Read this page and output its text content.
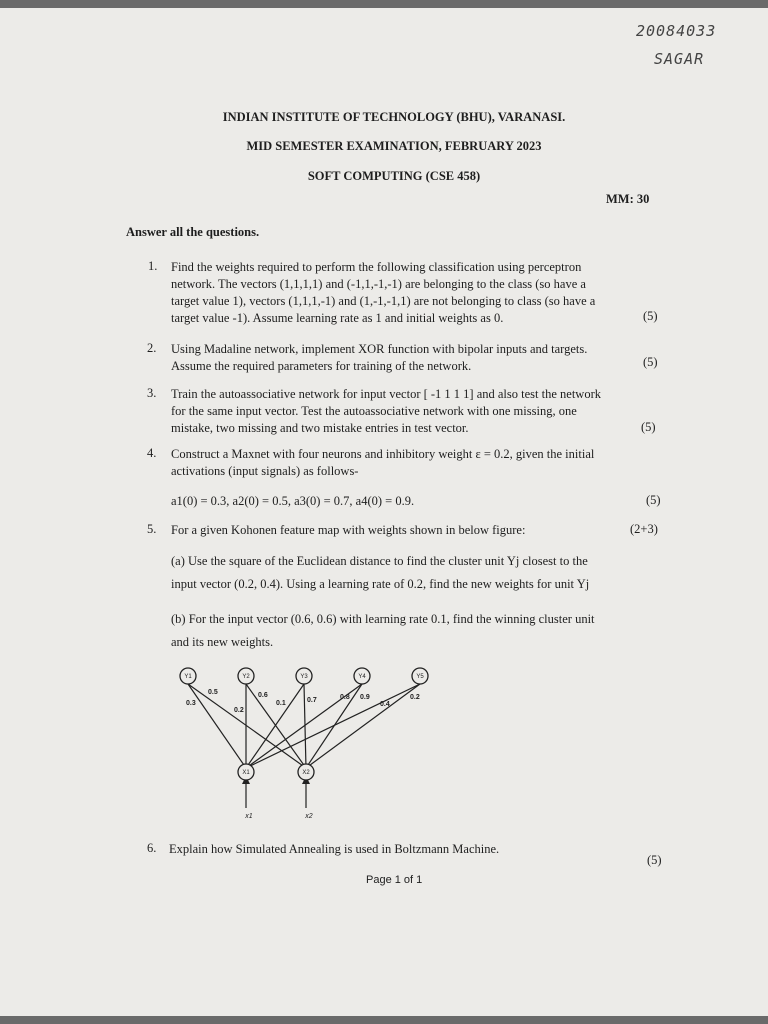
20084033
SAGAR
INDIAN INSTITUTE OF TECHNOLOGY (BHU), VARANASI.
MID SEMESTER EXAMINATION, FEBRUARY 2023
SOFT COMPUTING (CSE 458)
MM: 30
Answer all the questions.
1. Find the weights required to perform the following classification using perceptron
network. The vectors (1,1,1,1) and (-1,1,-1,-1) are belonging to the class (so have a
target value 1), vectors (1,1,1,-1) and (1,-1,-1,1) are not belonging to class (so have a
target value -1). Assume learning rate as 1 and initial weights as 0.	(5)
2. Using Madaline network, implement XOR function with bipolar inputs and targets.
Assume the required parameters for training of the network.	(5)
3. Train the autoassociative network for input vector [ -1 1 1 1] and also test the network
for the same input vector. Test the autoassociative network with one missing, one
mistake, two missing and two mistake entries in test vector.	(5)
4. Construct a Maxnet with four neurons and inhibitory weight ε = 0.2, given the initial
activations (input signals) as follows-
a1(0) = 0.3, a2(0) = 0.5, a3(0) = 0.7, a4(0) = 0.9.	(5)
5. For a given Kohonen feature map with weights shown in below figure:	(2+3)
(a) Use the square of the Euclidean distance to find the cluster unit Yj closest to the
input vector (0.2, 0.4). Using a learning rate of 0.2, find the new weights for unit Yj
(b) For the input vector (0.6, 0.6) with learning rate 0.1, find the winning cluster unit
and its new weights.
Y1	Y2	Y3	Y4	Y5
X1	X2
0.3
0.5
0.2
0.6
0.1	0.7	0.8 0.9
0.4
0.2
x1	x2
6. Explain how Simulated Annealing is used in Boltzmann Machine.
(5)
Page 1 of 1
